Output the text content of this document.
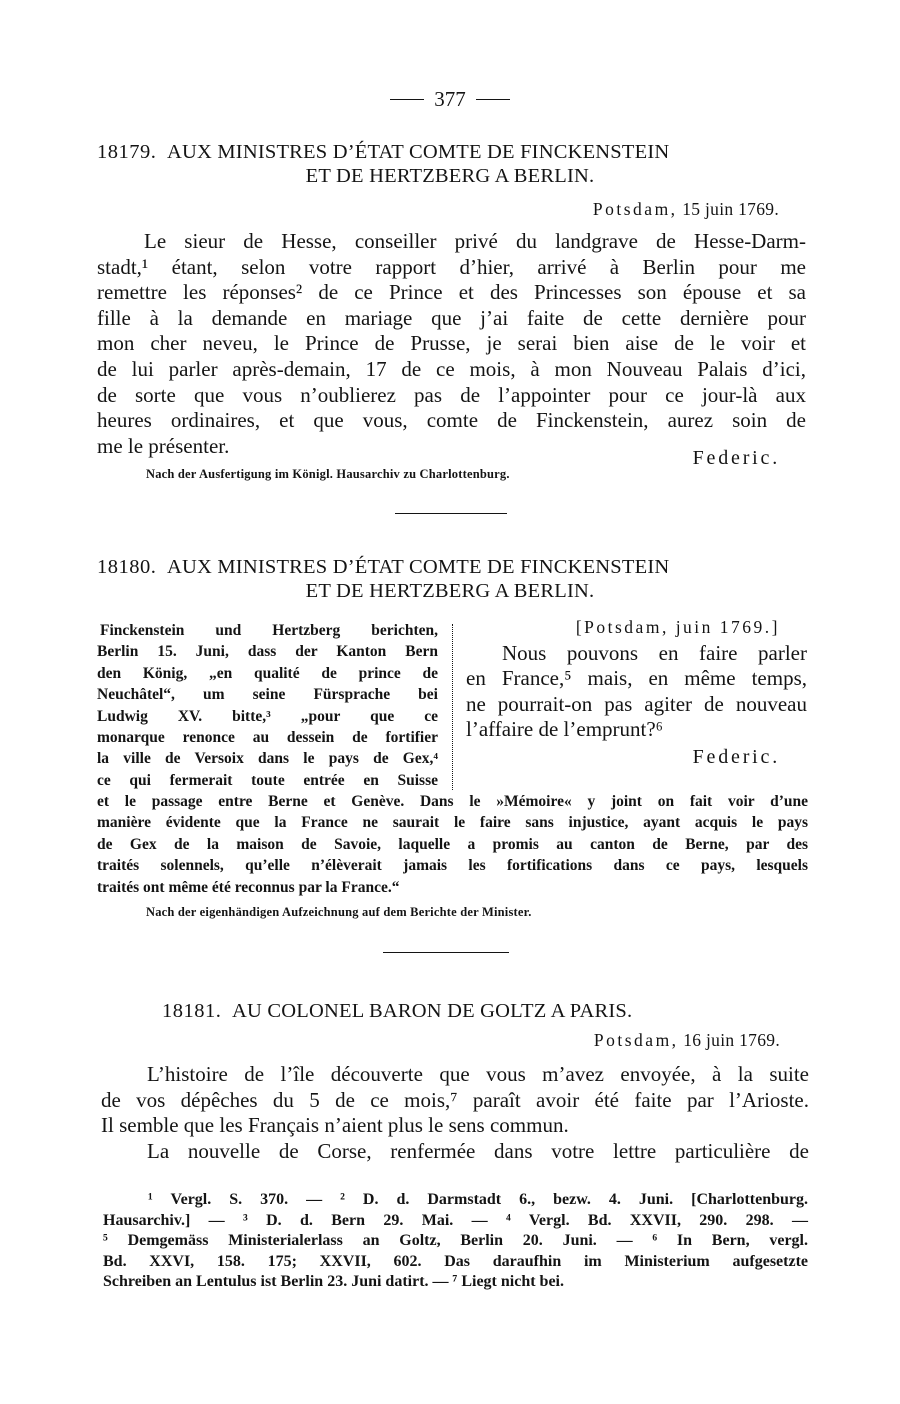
377
18179. AUX MINISTRES D’ÉTAT COMTE DE FINCKENSTEIN
ET DE HERTZBERG A BERLIN.
Potsdam, 15 juin 1769.
Le sieur de Hesse, conseiller privé du landgrave de Hesse-Darm-
stadt,¹ étant, selon votre rapport d’hier, arrivé à Berlin pour me
remettre les réponses² de ce Prince et des Princesses son épouse et sa
fille à la demande en mariage que j’ai faite de cette dernière pour
mon cher neveu, le Prince de Prusse, je serai bien aise de le voir et
de lui parler après-demain, 17 de ce mois, à mon Nouveau Palais d’ici,
de sorte que vous n’oublierez pas de l’appointer pour ce jour-là aux
heures ordinaires, et que vous, comte de Finckenstein, aurez soin de
me le présenter.
Federic.
Nach der Ausfertigung im Königl. Hausarchiv zu Charlottenburg.
18180. AUX MINISTRES D’ÉTAT COMTE DE FINCKENSTEIN
ET DE HERTZBERG A BERLIN.
Finckenstein und Hertzberg berichten,
Berlin 15. Juni, dass der Kanton Bern
den König, „en qualité de prince de
Neuchâtel“, um seine Fürsprache bei
Ludwig XV. bitte,³ „pour que ce
monarque renonce au dessein de fortifier
la ville de Versoix dans le pays de Gex,⁴
ce qui fermerait toute entrée en Suisse
[Potsdam, juin 1769.]
Nous pouvons en faire parler
en France,⁵ mais, en même temps,
ne pourrait-on pas agiter de nouveau
l’affaire de l’emprunt?⁶
Federic.
et le passage entre Berne et Genève. Dans le »Mémoire« y joint on fait voir d’une
manière évidente que la France ne saurait le faire sans injustice, ayant acquis le pays
de Gex de la maison de Savoie, laquelle a promis au canton de Berne, par des
traités solennels, qu’elle n’élèverait jamais les fortifications dans ce pays, lesquels
traités ont même été reconnus par la France.“
Nach der eigenhändigen Aufzeichnung auf dem Berichte der Minister.
18181. AU COLONEL BARON DE GOLTZ A PARIS.
Potsdam, 16 juin 1769.
L’histoire de l’île découverte que vous m’avez envoyée, à la suite
de vos dépêches du 5 de ce mois,⁷ paraît avoir été faite par l’Arioste.
Il semble que les Français n’aient plus le sens commun.
La nouvelle de Corse, renfermée dans votre lettre particulière de
¹ Vergl. S. 370. — ² D. d. Darmstadt 6., bezw. 4. Juni. [Charlottenburg.
Hausarchiv.] — ³ D. d. Bern 29. Mai. — ⁴ Vergl. Bd. XXVII, 290. 298. —
⁵ Demgemäss Ministerialerlass an Goltz, Berlin 20. Juni. — ⁶ In Bern, vergl.
Bd. XXVI, 158. 175; XXVII, 602. Das daraufhin im Ministerium aufgesetzte
Schreiben an Lentulus ist Berlin 23. Juni datirt. — ⁷ Liegt nicht bei.
